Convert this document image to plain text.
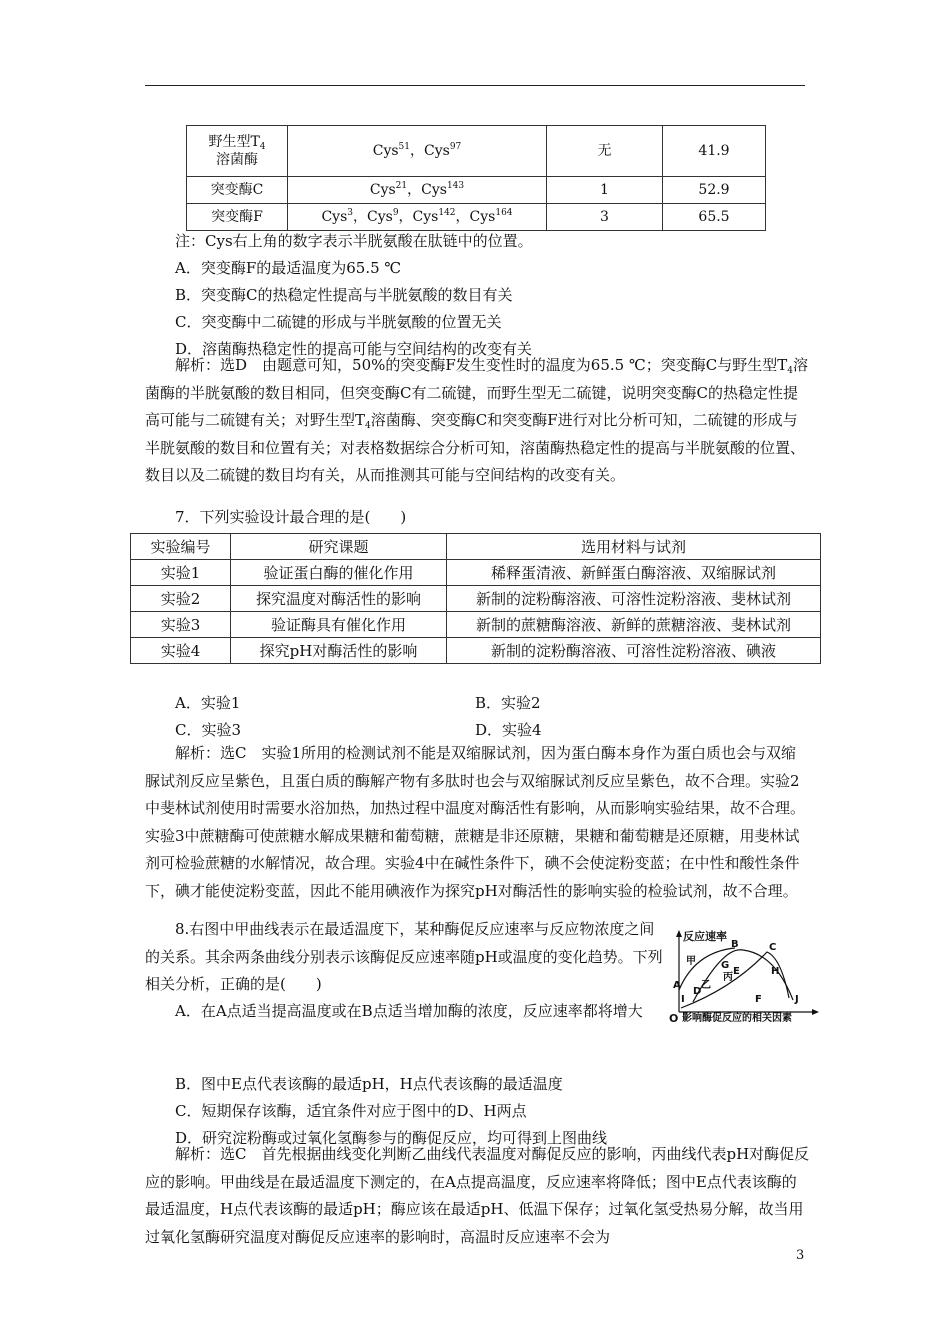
野生型$T_4$
溶菌酶	Cys$^{51}$，Cys$^{97}$	无	41.9
突变酶C	Cys$^{21}$，Cys$^{143}$	1	52.9
突变酶F	Cys$^3$，Cys$^9$，Cys$^{142}$，Cys$^{164}$	3	65.5
注：Cys右上角的数字表示半胱氨酸在肽链中的位置。
A．突变酶F的最适温度为65.5 ℃
B．突变酶C的热稳定性提高与半胱氨酸的数目有关
C．突变酶中二硫键的形成与半胱氨酸的位置无关
D．溶菌酶热稳定性的提高可能与空间结构的改变有关

解析：选D　由题意可知，50%的突变酶F发生变性时的温度为65.5 ℃；突变酶C与野生型$T_4$溶菌酶的半胱氨酸的数目相同，但突变酶C有二硫键，而野生型无二硫键，说明突变酶C的热稳定性提高可能与二硫键有关；对野生型$T_4$溶菌酶、突变酶C和突变酶F进行对比分析可知，二硫键的形成与半胱氨酸的数目和位置有关；对表格数据综合分析可知，溶菌酶热稳定性的提高与半胱氨酸的位置、数目以及二硫键的数目均有关，从而推测其可能与空间结构的改变有关。

7．下列实验设计最合理的是(　　)
实验编号	研究课题	选用材料与试剂
实验1	验证蛋白酶的催化作用	稀释蛋清液、新鲜蛋白酶溶液、双缩脲试剂
实验2	探究温度对酶活性的影响	新制的淀粉酶溶液、可溶性淀粉溶液、斐林试剂
实验3	验证酶具有催化作用	新制的蔗糖酶溶液、新鲜的蔗糖溶液、斐林试剂
实验4	探究pH对酶活性的影响	新制的淀粉酶溶液、可溶性淀粉溶液、碘液
A．实验1	B．实验2
C．实验3	D．实验4

解析：选C　实验1所用的检测试剂不能是双缩脲试剂，因为蛋白酶本身作为蛋白质也会与双缩脲试剂反应呈紫色，且蛋白质的酶解产物有多肽时也会与双缩脲试剂反应呈紫色，故不合理。实验2中斐林试剂使用时需要水浴加热，加热过程中温度对酶活性有影响，从而影响实验结果，故不合理。实验3中蔗糖酶可使蔗糖水解成果糖和葡萄糖，蔗糖是非还原糖，果糖和葡萄糖是还原糖，用斐林试剂可检验蔗糖的水解情况，故合理。实验4中在碱性条件下，碘不会使淀粉变蓝；在中性和酸性条件下，碘才能使淀粉变蓝，因此不能用碘液作为探究pH对酶活性的影响实验的检验试剂，故不合理。

8.右图中甲曲线表示在最适温度下，某种酶促反应速率与反应物浓度之间的关系。其余两条曲线分别表示该酶促反应速率随pH或温度的变化趋势。下列相关分析，正确的是(　　)

A．在A点适当提高温度或在B点适当增加酶的浓度，反应速率都将增大

B．图中E点代表该酶的最适pH，H点代表该酶的最适温度
C．短期保存该酶，适宜条件对应于图中的D、H两点
D．研究淀粉酶或过氧化氢酶参与的酶促反应，均可得到上图曲线

解析：选C　首先根据曲线变化判断乙曲线代表温度对酶促反应的影响，丙曲线代表pH对酶促反应的影响。甲曲线是在最适温度下测定的，在A点提高温度，反应速率将降低；图中E点代表该酶的最适温度，H点代表该酶的最适pH；酶应该在最适pH、低温下保存；过氧化氢受热易分解，故当用过氧化氢酶研究温度对酶促反应速率的影响时，高温时反应速率不会为

反应速率
O 影响酶促反应的相关因素
甲
乙
丙
A
B	C
D
E
F
G
H
I	J
3
